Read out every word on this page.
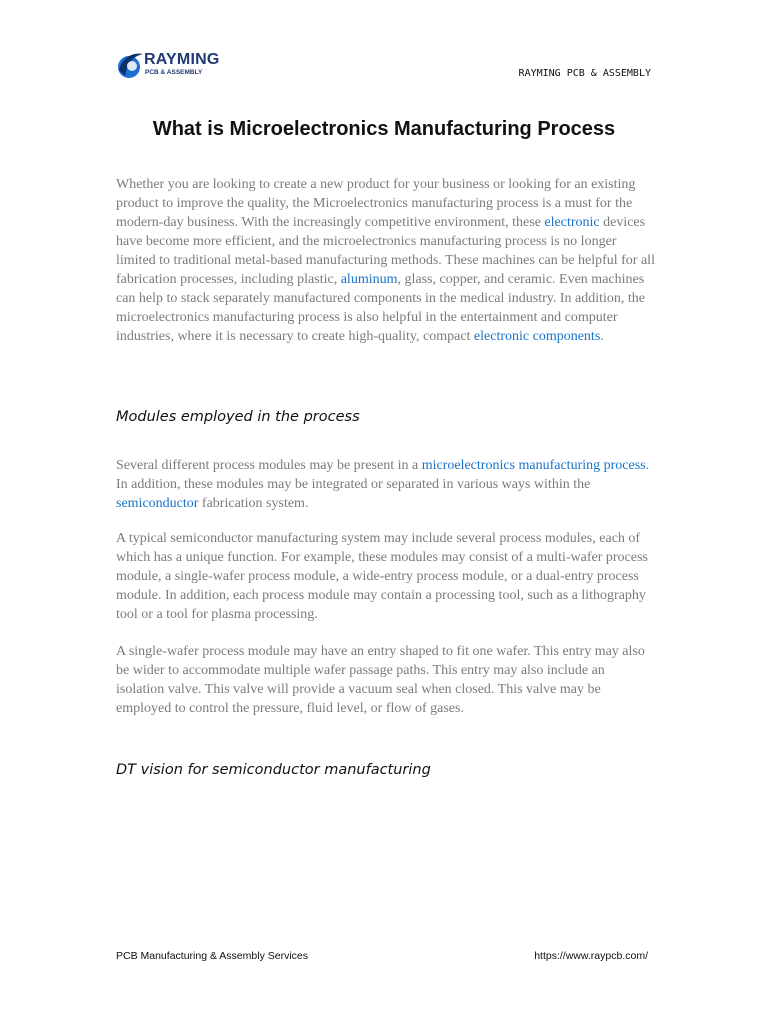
RAYMING
PCB & ASSEMBLY	RAYMING PCB & ASSEMBLY
What is Microelectronics Manufacturing Process

Whether you are looking to create a new product for your business or looking for an existing product to improve the quality, the Microelectronics manufacturing process is a must for the modern-day business. With the increasingly competitive environment, these electronic devices have become more efficient, and the microelectronics manufacturing process is no longer limited to traditional metal-based manufacturing methods. These machines can be helpful for all fabrication processes, including plastic, aluminum, glass, copper, and ceramic. Even machines can help to stack separately manufactured components in the medical industry. In addition, the microelectronics manufacturing process is also helpful in the entertainment and computer industries, where it is necessary to create high-quality, compact electronic components.

Modules employed in the process

Several different process modules may be present in a microelectronics manufacturing process. In addition, these modules may be integrated or separated in various ways within the semiconductor fabrication system.

A typical semiconductor manufacturing system may include several process modules, each of which has a unique function. For example, these modules may consist of a multi-wafer process module, a single-wafer process module, a wide-entry process module, or a dual-entry process module. In addition, each process module may contain a processing tool, such as a lithography tool or a tool for plasma processing.

A single-wafer process module may have an entry shaped to fit one wafer. This entry may also be wider to accommodate multiple wafer passage paths. This entry may also include an isolation valve. This valve will provide a vacuum seal when closed. This valve may be employed to control the pressure, fluid level, or flow of gases.

DT vision for semiconductor manufacturing
PCB Manufacturing & Assembly Services	https://www.raypcb.com/
